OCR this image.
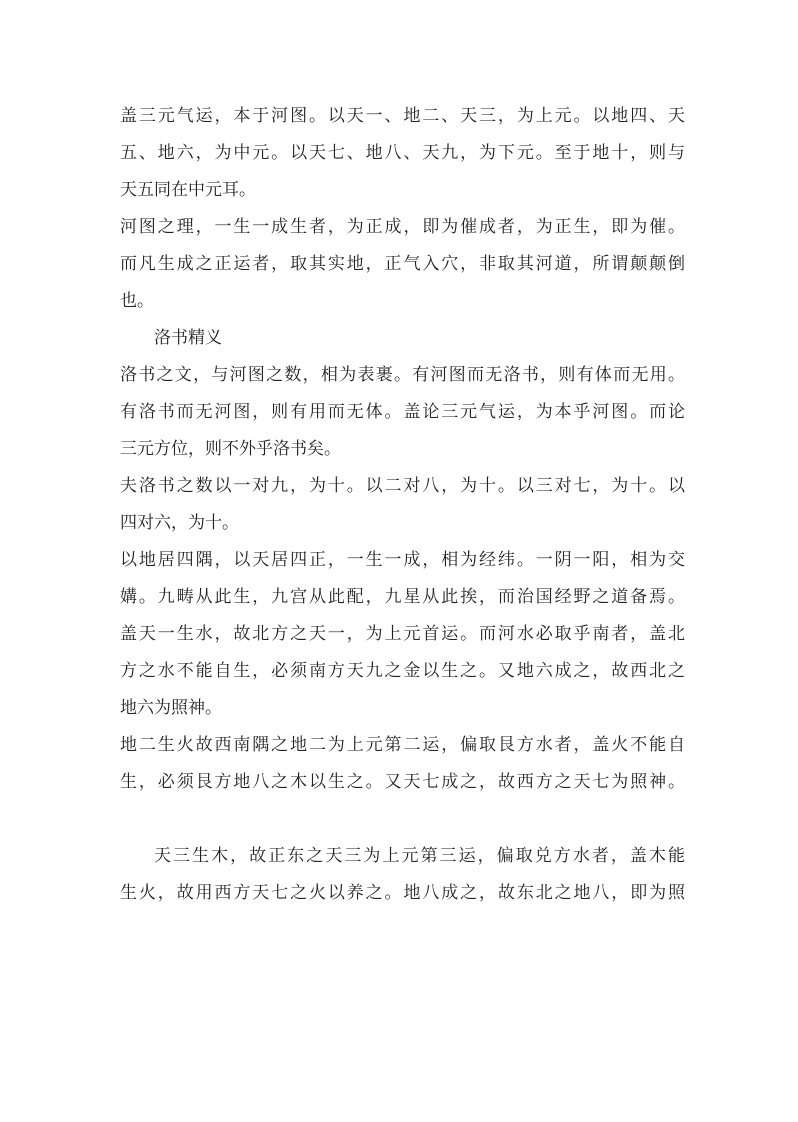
盖三元气运，本于河图。以天一、地二、天三，为上元。以地四、天
五、地六，为中元。以天七、地八、天九，为下元。至于地十，则与
天五同在中元耳。
河图之理，一生一成生者，为正成，即为催成者，为正生，即为催。
而凡生成之正运者，取其实地，正气入穴，非取其河道，所谓颠颠倒
也。
洛书精义
洛书之文，与河图之数，相为表裹。有河图而无洛书，则有体而无用。
有洛书而无河图，则有用而无体。盖论三元气运，为本乎河图。而论
三元方位，则不外乎洛书矣。
夫洛书之数以一对九，为十。以二对八，为十。以三对七，为十。以
四对六，为十。
以地居四隅，以天居四正，一生一成，相为经纬。一阴一阳，相为交
媾。九畴从此生，九宫从此配，九星从此挨，而治国经野之道备焉。
盖天一生水，故北方之天一，为上元首运。而河水必取乎南者，盖北
方之水不能自生，必须南方天九之金以生之。又地六成之，故西北之
地六为照神。
地二生火故西南隅之地二为上元第二运，偏取艮方水者，盖火不能自
生，必须艮方地八之木以生之。又天七成之，故西方之天七为照神。
天三生木，故正东之天三为上元第三运，偏取兑方水者，盖木能
生火，故用西方天七之火以养之。地八成之，故东北之地八，即为照
